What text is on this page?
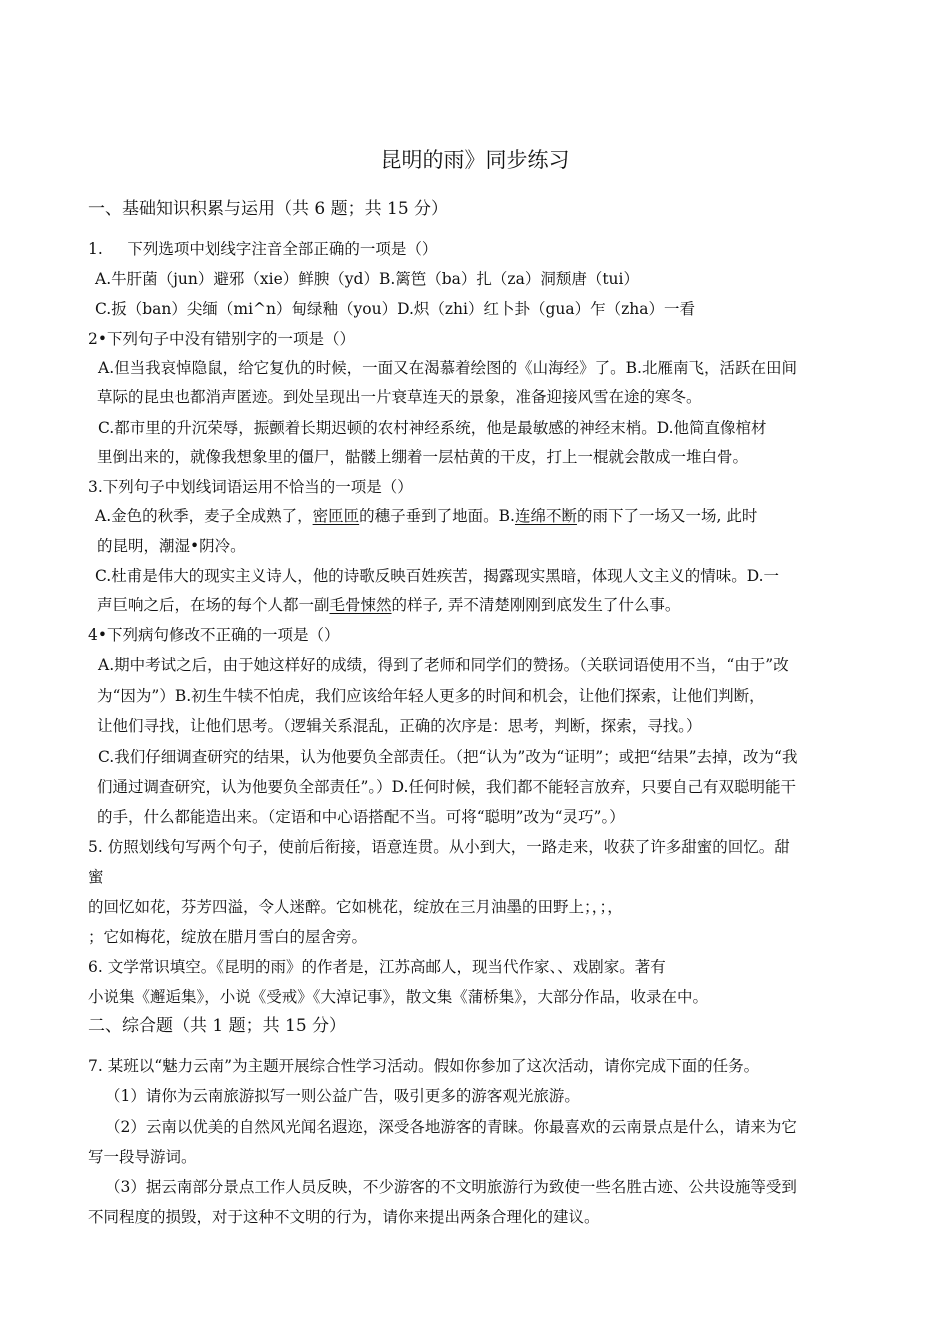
昆明的雨》同步练习
一、基础知识积累与运用（共 6 题；共 15 分）
1.     下列选项中划线字注音全部正确的一项是（）
A.牛肝菌（jun）避邪（xie）鲜腴（yd）B.篱笆（ba）扎（za）洞颓唐（tui）
C.扳（ban）尖缅（mi^n）甸绿釉（you）D.炽（zhi）红卜卦（gua）乍（zha）一看
2•下列句子中没有错别字的一项是（）
A.但当我哀悼隐鼠，给它复仇的时候，一面又在渴慕着绘图的《山海经》了。B.北雁南飞，活跃在田间
草际的昆虫也都消声匿迹。到处呈现出一片衰草连天的景象，准备迎接风雪在途的寒冬。
C.都市里的升沉荣辱，振颤着长期迟顿的农村神经系统，他是最敏感的神经末梢。D.他简直像棺材
里倒出来的，就像我想象里的僵尸，骷髅上绷着一层枯黄的干皮，打上一棍就会散成一堆白骨。
3.下列句子中划线词语运用不恰当的一项是（）
A.金色的秋季，麦子全成熟了，密匝匝的穗子垂到了地面。B.连绵不断的雨下了一场又一场, 此时
的昆明，潮湿•阴冷。
C.杜甫是伟大的现实主义诗人，他的诗歌反映百姓疾苦，揭露现实黑暗，体现人文主义的情味。D.一
声巨响之后，在场的每个人都一副毛骨悚然的样子, 弄不清楚刚刚到底发生了什么事。
4•下列病句修改不正确的一项是（）
A.期中考试之后，由于她这样好的成绩，得到了老师和同学们的赞扬。（关联词语使用不当，“由于”改
为“因为”）B.初生牛犊不怕虎，我们应该给年轻人更多的时间和机会，让他们探索，让他们判断，
让他们寻找，让他们思考。（逻辑关系混乱，正确的次序是：思考，判断，探索，寻找。）
C.我们仔细调查研究的结果，认为他要负全部责任。（把“认为”改为“证明”；或把“结果”去掉，改为“我
们通过调查研究，认为他要负全部责任”。）D.任何时候，我们都不能轻言放弃，只要自己有双聪明能干
的手，什么都能造出来。（定语和中心语搭配不当。可将“聪明”改为“灵巧”。）
5. 仿照划线句写两个句子，使前后衔接，语意连贯。从小到大，一路走来，收获了许多甜蜜的回忆。甜
蜜
的回忆如花，芬芳四溢，令人迷醉。它如桃花，绽放在三月油墨的田野上；，；，
；它如梅花，绽放在腊月雪白的屋舍旁。
6. 文学常识填空。《昆明的雨》的作者是，江苏高邮人，现当代作家、、戏剧家。著有
小说集《邂逅集》，小说《受戒》《大淖记事》，散文集《蒲桥集》，大部分作品，收录在中。
二、综合题（共 1 题；共 15 分）
7. 某班以“魅力云南”为主题开展综合性学习活动。假如你参加了这次活动，请你完成下面的任务。
（1）请你为云南旅游拟写一则公益广告，吸引更多的游客观光旅游。
（2）云南以优美的自然风光闻名遐迩，深受各地游客的青睐。你最喜欢的云南景点是什么，请来为它
写一段导游词。
（3）据云南部分景点工作人员反映，不少游客的不文明旅游行为致使一些名胜古迹、公共设施等受到
不同程度的损毁，对于这种不文明的行为，请你来提出两条合理化的建议。
